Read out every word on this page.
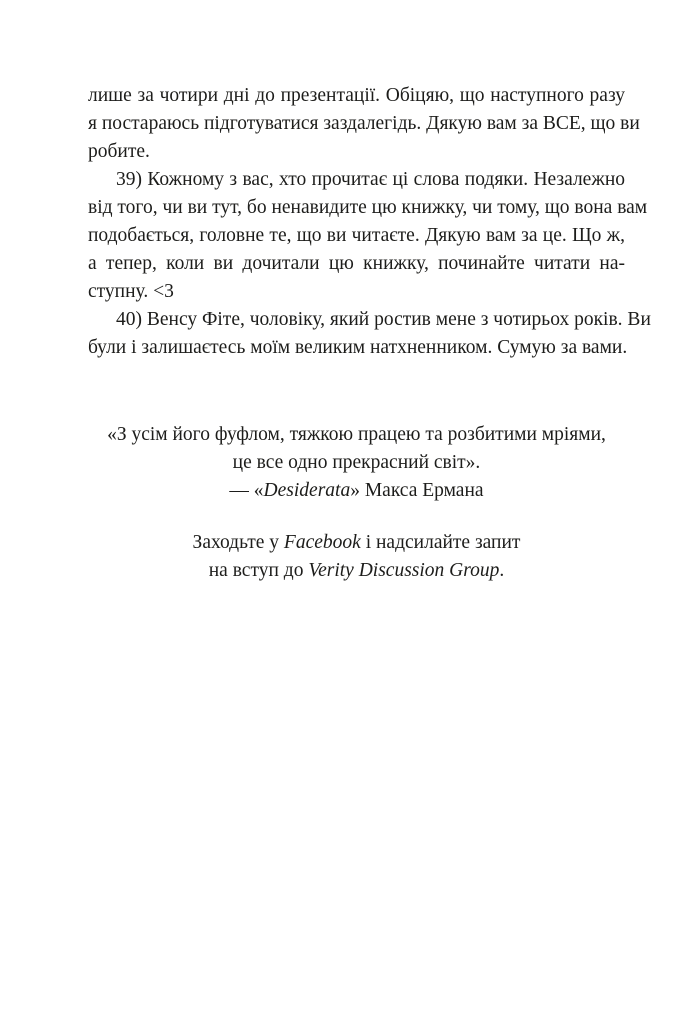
лише за чотири дні до презентації. Обіцяю, що наступного разу
я постараюсь підготуватися заздалегідь. Дякую вам за ВСЕ, що ви
робите.
39) Кожному з вас, хто прочитає ці слова подяки. Незалежно
від того, чи ви тут, бо ненавидите цю книжку, чи тому, що вона вам
подобається, головне те, що ви читаєте. Дякую вам за це. Що ж,
а тепер, коли ви дочитали цю книжку, починайте читати на-
ступну. <3
40) Венсу Фіте, чоловіку, який ростив мене з чотирьох років. Ви
були і залишаєтесь моїм великим натхненником. Сумую за вами.
«З усім його фуфлом, тяжкою працею та розбитими мріями,
це все одно прекрасний світ».
— «Desiderata» Макса Ермана
Заходьте у Facebook і надсилайте запит
на вступ до Verity Discussion Group.
